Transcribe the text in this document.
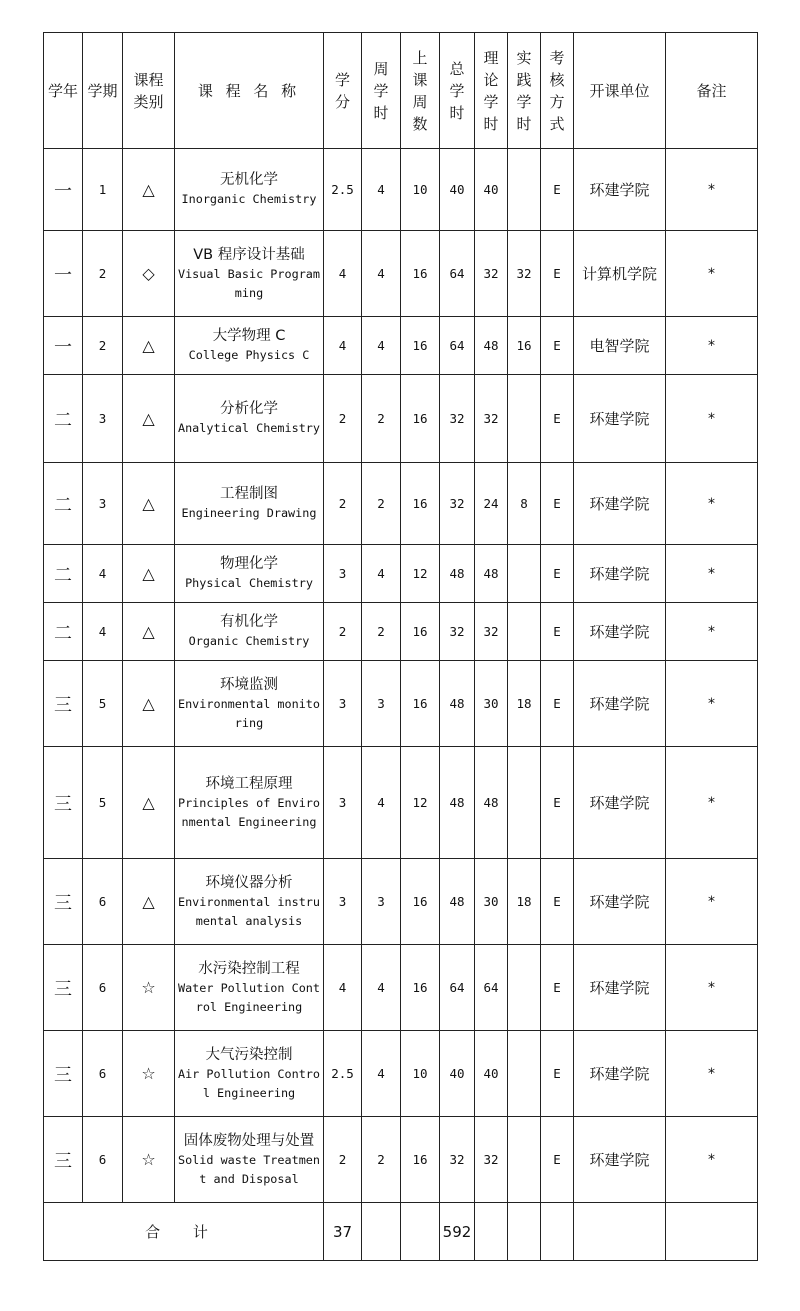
学年	学期	课程类别	课 程 名 称	学分	周学时	上课周数	总学时	理论学时	实践学时	考核方式	开课单位	备注
一	1	△	无机化学
Inorganic Chemistry	2.5	4	10	40	40		E	环建学院	*
一	2	◇	VB 程序设计基础
Visual Basic Programming	4	4	16	64	32	32	E	计算机学院	*
一	2	△	大学物理 C
College Physics C	4	4	16	64	48	16	E	电智学院	*
二	3	△	分析化学
Analytical Chemistry	2	2	16	32	32		E	环建学院	*
二	3	△	工程制图
Engineering Drawing	2	2	16	32	24	8	E	环建学院	*
二	4	△	物理化学
Physical Chemistry	3	4	12	48	48		E	环建学院	*
二	4	△	有机化学
Organic Chemistry	2	2	16	32	32		E	环建学院	*
三	5	△	环境监测
Environmental monitoring	3	3	16	48	30	18	E	环建学院	*
三	5	△	环境工程原理
Principles of Environmental Engineering	3	4	12	48	48		E	环建学院	*
三	6	△	环境仪器分析
Environmental instrumental analysis	3	3	16	48	30	18	E	环建学院	*
三	6	☆	水污染控制工程
Water Pollution Control Engineering	4	4	16	64	64		E	环建学院	*
三	6	☆	大气污染控制
Air Pollution Control Engineering	2.5	4	10	40	40		E	环建学院	*
三	6	☆	固体废物处理与处置
Solid waste Treatment and Disposal	2	2	16	32	32		E	环建学院	*
合 计				37			592					
